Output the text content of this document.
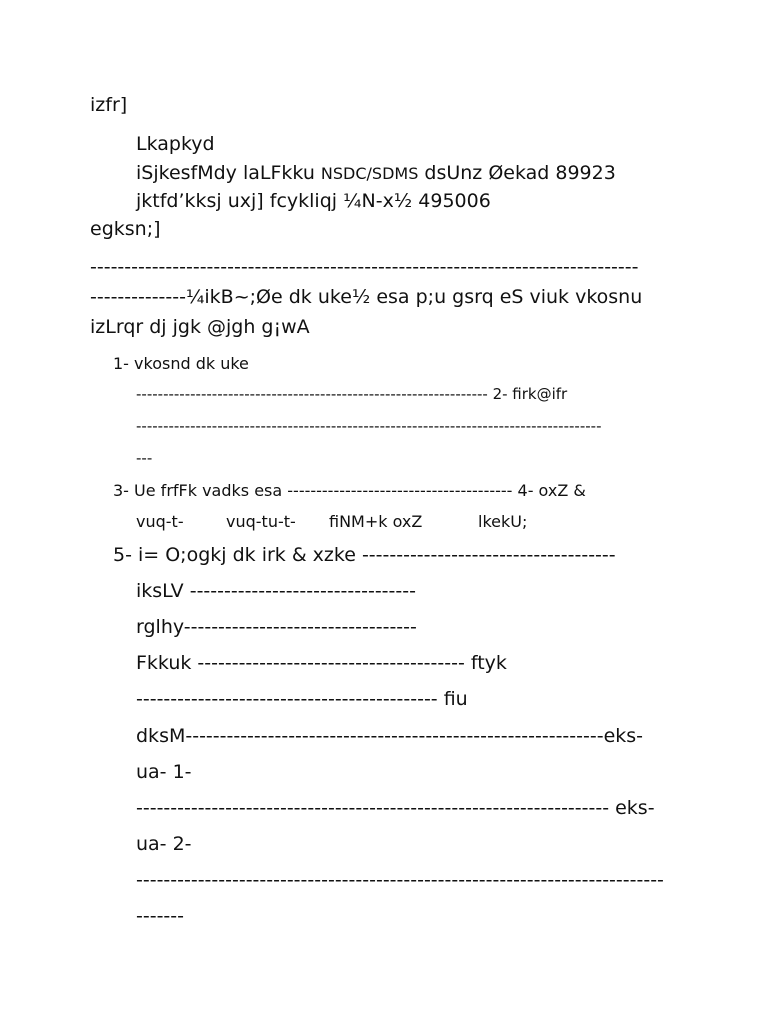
izfr]
Lkapkyd
iSjkesfMdy laLFkku NSDC/SDMS dsUnz Øekad 89923
jktfd’kksj uxj] fcykliqj ¼N-x½ 495006
egksn;]
--------------------------------------------------------------------------------
--------------¼ikB~;Øe dk uke½ esa p;u gsrq eS viuk vkosnu
izLrqr dj jgk @jgh g¡wA
1- vkosnd dk uke
----------------------------------------------------------------- 2- firk@ifr
--------------------------------------------------------------------------------------
---
3- Ue frfFk vadks esa --------------------------------------- 4- oxZ &
vuq-t-	vuq-tu-t- fiNM+k oxZ	lkekU;
5- i= O;ogkj dk irk & xzke -------------------------------------
iksLV ---------------------------------
rglhy----------------------------------
Fkkuk --------------------------------------- ftyk
-------------------------------------------- fiu
dksM-------------------------------------------------------------eks-
ua- 1-
--------------------------------------------------------------------- eks-
ua- 2-
-----------------------------------------------------------------------------
-------
